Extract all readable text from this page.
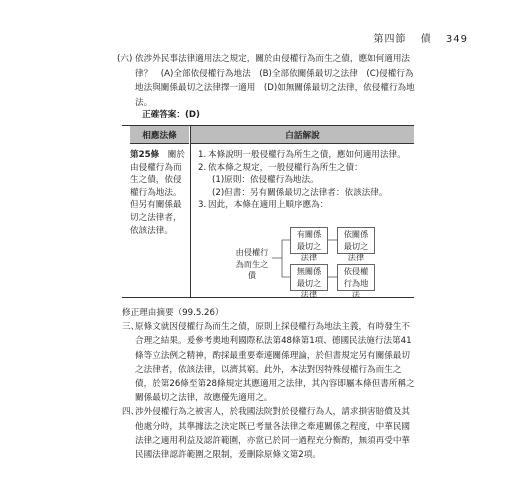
第四節 債 349
(六) 依涉外民事法律適用法之規定，關於由侵權行為而生之債，應如何適用法律？　(A)全部依侵權行為地法　(B)全部依關係最切之法律　(C)侵權行為地法與關係最切之法律擇一適用　(D)如無關係最切之法律，依侵權行為地法。
正確答案：(D)
相應法條	白話解說
第25條　 關於由侵權行為而生之債，依侵權行為地法。但另有關係最切之法律者，依該法律。
1. 本條說明一般侵權行為所生之債，應如何適用法律。
2. 依本條之規定，一般侵權行為所生之債：
(1)原則：依侵權行為地法。
(2)但書：另有關係最切之法律者：依該法律。
3. 因此，本條在適用上順序應為：
由侵權行為而生之債
有關係最切之法律
依關係最切之法律
無關係最切之法律
依侵權行為地法
修正理由摘要（99.5.26）
三、
原條文就因侵權行為而生之債，原則上採侵權行為地法主義，有時發生不合理之結果。爰參考奧地利國際私法第48條第1項、德國民法施行法第41條等立法例之精神，酌採最重要牽連關係理論，於但書規定另有關係最切之法律者，依該法律，以濟其窮。此外，本法對因特殊侵權行為而生之債，於第26條至第28條規定其應適用之法律，其內容即屬本條但書所稱之關係最切之法律，故應優先適用之。
四、
涉外侵權行為之被害人，於我國法院對於侵權行為人，請求損害賠償及其他處分時，其準據法之決定既已考量各法律之牽連關係之程度，中華民國法律之適用利益及認許範圍，亦當已於同一過程充分衡酌，無須再受中華民國法律認許範圍之限制，爰刪除原條文第2項。
